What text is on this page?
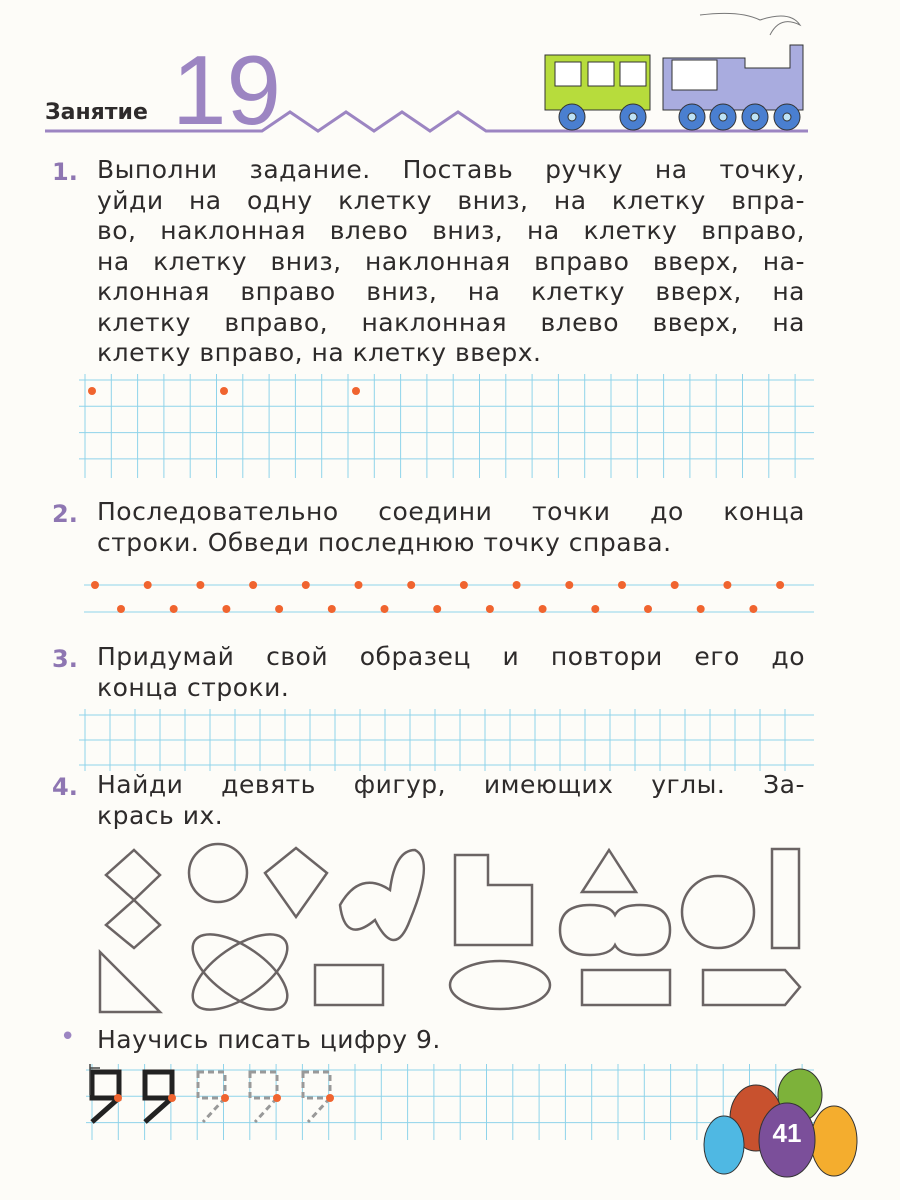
Занятие 19
1. Выполни задание. Поставь ручку на точку,
уйди на одну клетку вниз, на клетку впра-
во, наклонная влево вниз, на клетку вправо,
на клетку вниз, наклонная вправо вверх, на-
клонная вправо вниз, на клетку вверх, на
клетку вправо, наклонная влево вверх, на
клетку вправо, на клетку вверх.
2. Последовательно соедини точки до конца
строки. Обведи последнюю точку справа.
3. Придумай свой образец и повтори его до
конца строки.
4. Найди девять фигур, имеющих углы. За-
крась их.
• Научись писать цифру 9.
41
